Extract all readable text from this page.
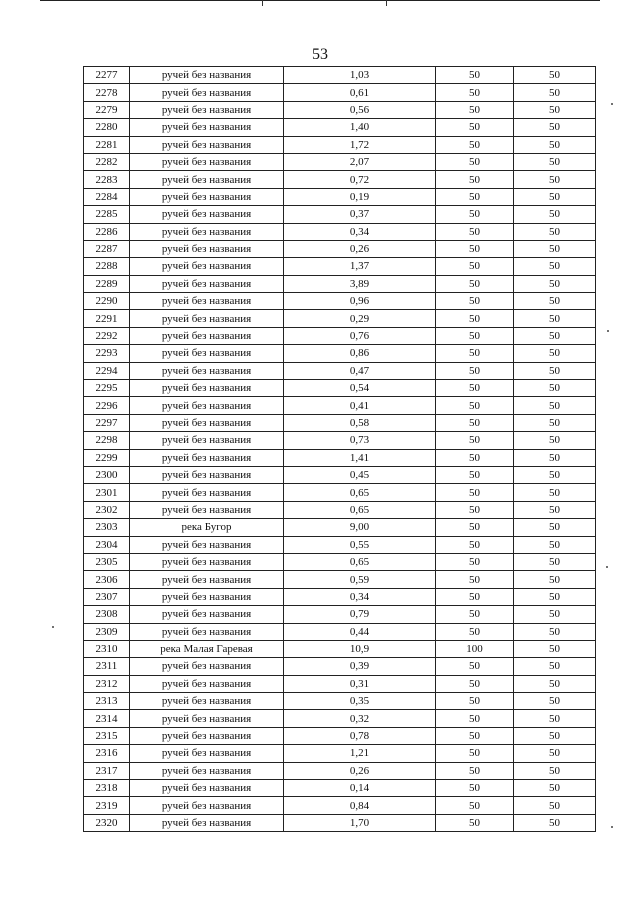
53
2277	ручей без названия	1,03	50	50
2278	ручей без названия	0,61	50	50
2279	ручей без названия	0,56	50	50
2280	ручей без названия	1,40	50	50
2281	ручей без названия	1,72	50	50
2282	ручей без названия	2,07	50	50
2283	ручей без названия	0,72	50	50
2284	ручей без названия	0,19	50	50
2285	ручей без названия	0,37	50	50
2286	ручей без названия	0,34	50	50
2287	ручей без названия	0,26	50	50
2288	ручей без названия	1,37	50	50
2289	ручей без названия	3,89	50	50
2290	ручей без названия	0,96	50	50
2291	ручей без названия	0,29	50	50
2292	ручей без названия	0,76	50	50
2293	ручей без названия	0,86	50	50
2294	ручей без названия	0,47	50	50
2295	ручей без названия	0,54	50	50
2296	ручей без названия	0,41	50	50
2297	ручей без названия	0,58	50	50
2298	ручей без названия	0,73	50	50
2299	ручей без названия	1,41	50	50
2300	ручей без названия	0,45	50	50
2301	ручей без названия	0,65	50	50
2302	ручей без названия	0,65	50	50
2303	река Бугор	9,00	50	50
2304	ручей без названия	0,55	50	50
2305	ручей без названия	0,65	50	50
2306	ручей без названия	0,59	50	50
2307	ручей без названия	0,34	50	50
2308	ручей без названия	0,79	50	50
2309	ручей без названия	0,44	50	50
2310	река Малая Гаревая	10,9	100	50
2311	ручей без названия	0,39	50	50
2312	ручей без названия	0,31	50	50
2313	ручей без названия	0,35	50	50
2314	ручей без названия	0,32	50	50
2315	ручей без названия	0,78	50	50
2316	ручей без названия	1,21	50	50
2317	ручей без названия	0,26	50	50
2318	ручей без названия	0,14	50	50
2319	ручей без названия	0,84	50	50
2320	ручей без названия	1,70	50	50
